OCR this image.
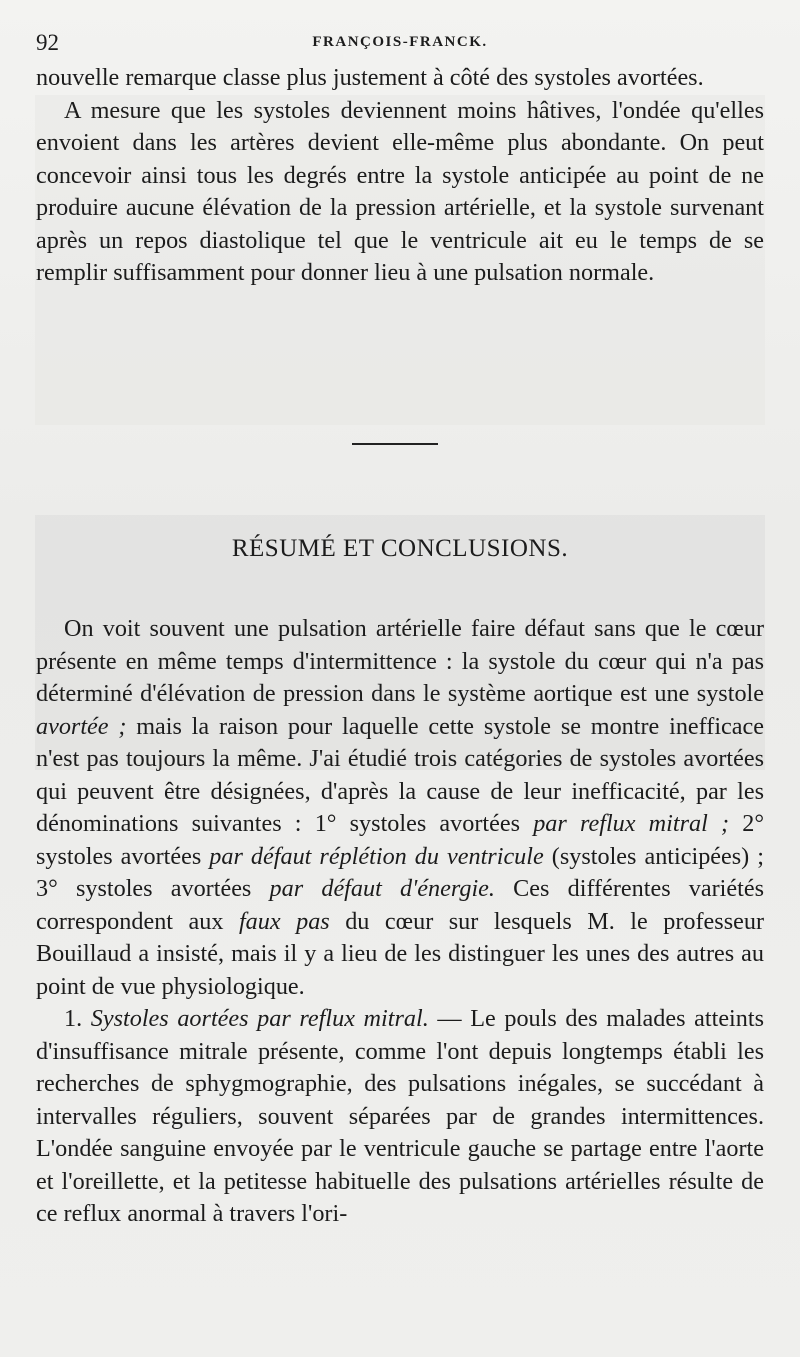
92	FRANÇOIS-FRANCK.

nouvelle remarque classe plus justement à côté des systoles avortées.

A mesure que les systoles deviennent moins hâtives, l'ondée qu'elles envoient dans les artères devient elle-même plus abondante. On peut concevoir ainsi tous les degrés entre la systole anticipée au point de ne produire aucune élévation de la pression artérielle, et la systole survenant après un repos diastolique tel que le ventricule ait eu le temps de se remplir suffisamment pour donner lieu à une pulsation normale.

RÉSUMÉ ET CONCLUSIONS.

On voit souvent une pulsation artérielle faire défaut sans que le cœur présente en même temps d'intermittence : la systole du cœur qui n'a pas déterminé d'élévation de pression dans le système aortique est une systole avortée ; mais la raison pour laquelle cette systole se montre inefficace n'est pas toujours la même. J'ai étudié trois catégories de systoles avortées qui peuvent être désignées, d'après la cause de leur inefficacité, par les dénominations suivantes : 1° systoles avortées par reflux mitral ; 2° systoles avortées par défaut réplétion du ventricule (systoles anticipées) ; 3° systoles avortées par défaut d'énergie. Ces différentes variétés correspondent aux faux pas du cœur sur lesquels M. le professeur Bouillaud a insisté, mais il y a lieu de les distinguer les unes des autres au point de vue physiologique.

1. Systoles aortées par reflux mitral. — Le pouls des malades atteints d'insuffisance mitrale présente, comme l'ont depuis longtemps établi les recherches de sphygmographie, des pulsations inégales, se succédant à intervalles réguliers, souvent séparées par de grandes intermittences. L'ondée sanguine envoyée par le ventricule gauche se partage entre l'aorte et l'oreillette, et la petitesse habituelle des pulsations artérielles résulte de ce reflux anormal à travers l'ori-
